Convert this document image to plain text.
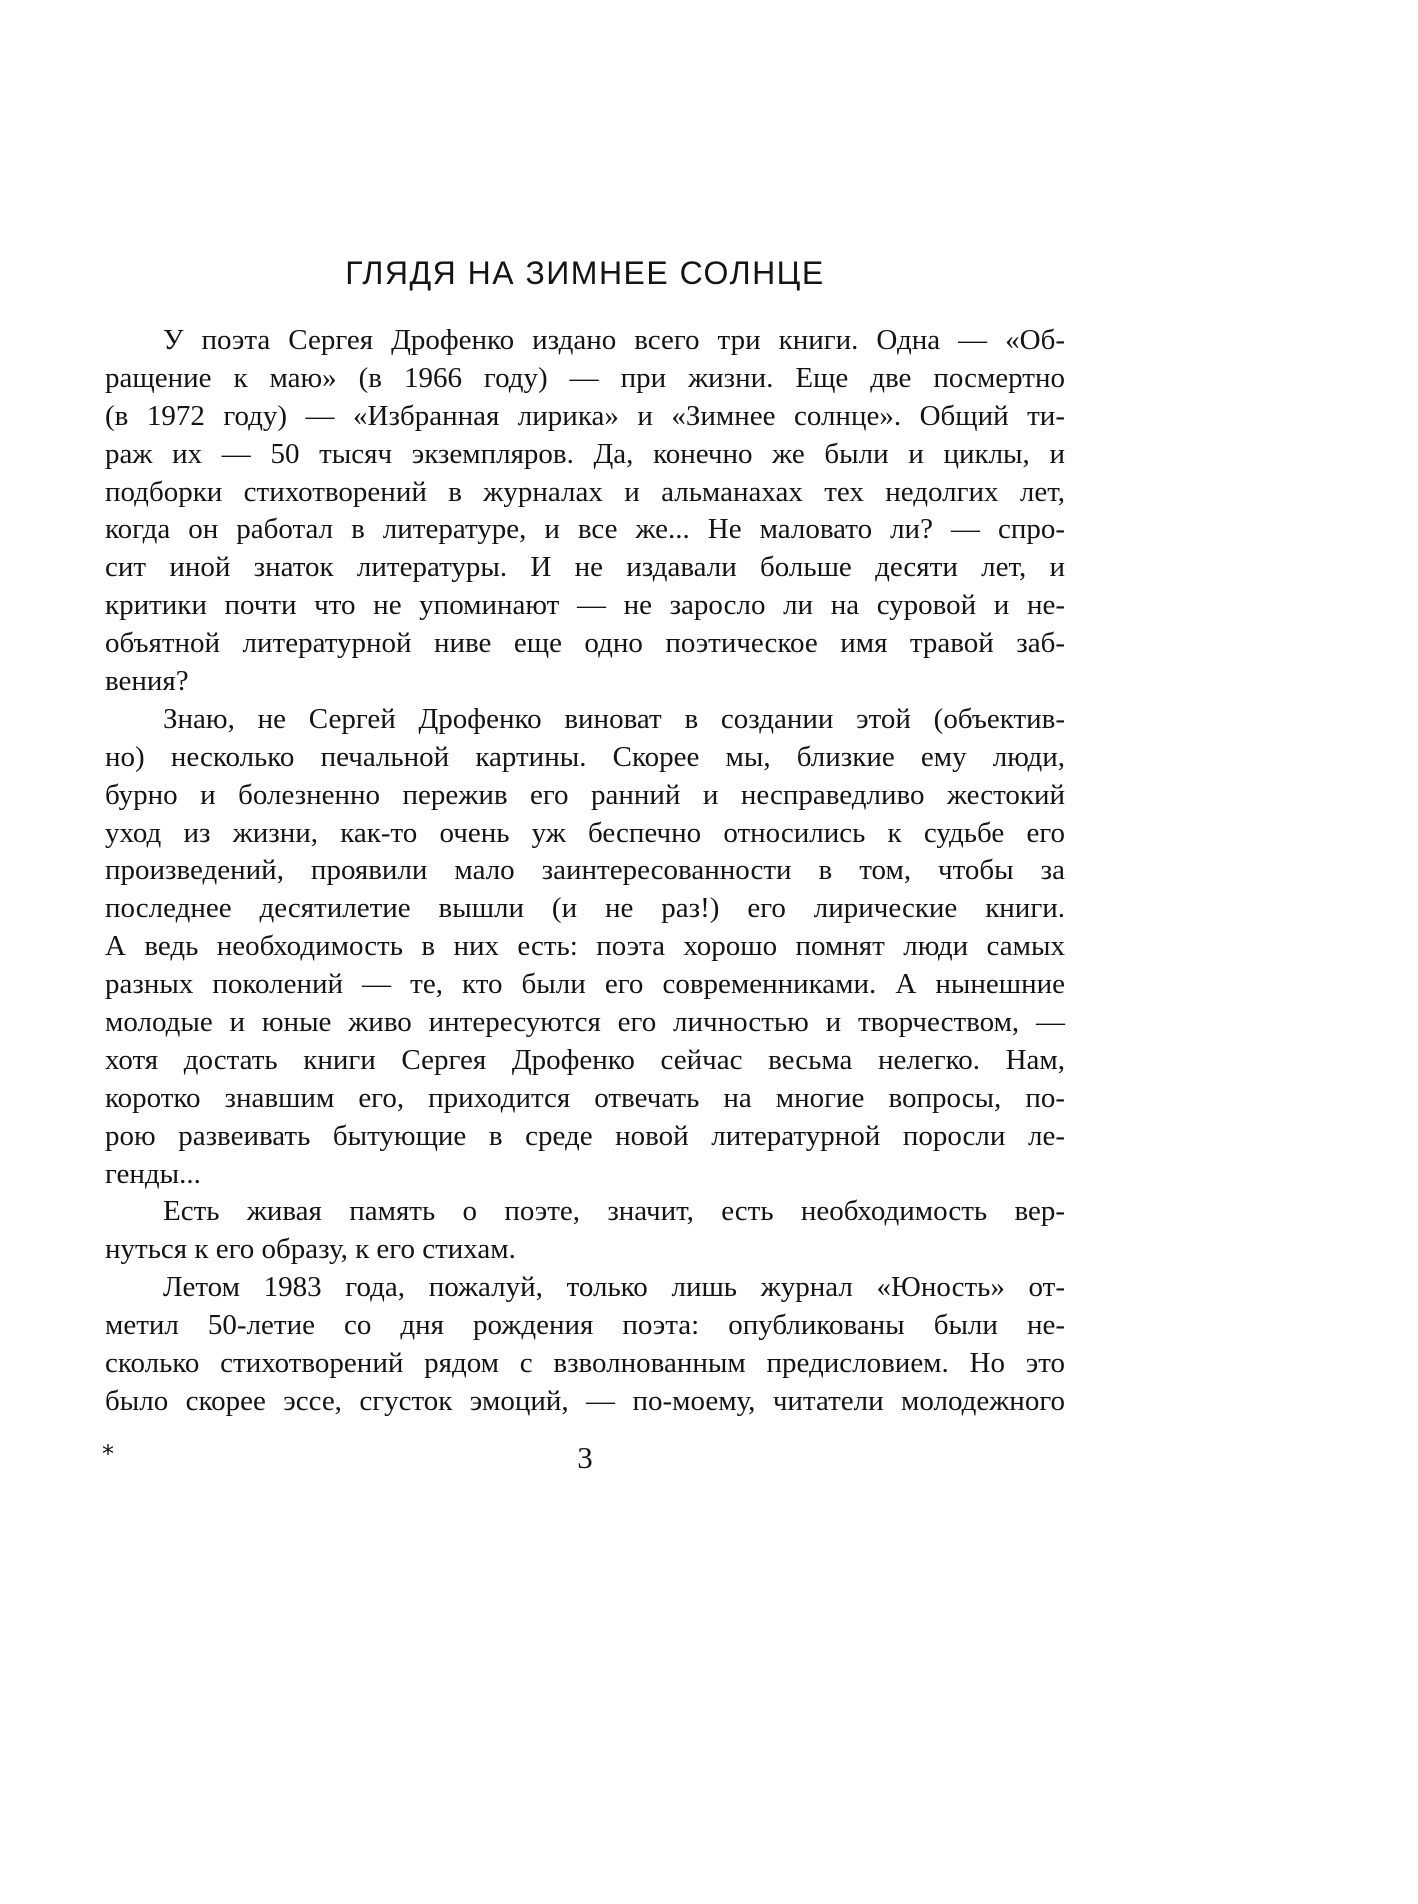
ГЛЯДЯ НА ЗИМНЕЕ СОЛНЦЕ
У поэта Сергея Дрофенко издано всего три книги. Одна — «Об-
ращение к маю» (в 1966 году) — при жизни. Еще две посмертно
(в 1972 году) — «Избранная лирика» и «Зимнее солнце». Общий ти-
раж их — 50 тысяч экземпляров. Да, конечно же были и циклы, и
подборки стихотворений в журналах и альманахах тех недолгих лет,
когда он работал в литературе, и все же... Не маловато ли? — спро-
сит иной знаток литературы. И не издавали больше десяти лет, и
критики почти что не упоминают — не заросло ли на суровой и не-
объятной литературной ниве еще одно поэтическое имя травой заб-
вения?
Знаю, не Сергей Дрофенко виноват в создании этой (объектив-
но) несколько печальной картины. Скорее мы, близкие ему люди,
бурно и болезненно пережив его ранний и несправедливо жестокий
уход из жизни, как-то очень уж беспечно относились к судьбе его
произведений, проявили мало заинтересованности в том, чтобы за
последнее десятилетие вышли (и не раз!) его лирические книги.
А ведь необходимость в них есть: поэта хорошо помнят люди самых
разных поколений — те, кто были его современниками. А нынешние
молодые и юные живо интересуются его личностью и творчеством, —
хотя достать книги Сергея Дрофенко сейчас весьма нелегко. Нам,
коротко знавшим его, приходится отвечать на многие вопросы, по-
рою развеивать бытующие в среде новой литературной поросли ле-
генды...
Есть живая память о поэте, значит, есть необходимость вер-
нуться к его образу, к его стихам.
Летом 1983 года, пожалуй, только лишь журнал «Юность» от-
метил 50-летие со дня рождения поэта: опубликованы были не-
сколько стихотворений рядом с взволнованным предисловием. Но это
было скорее эссе, сгусток эмоций, — по-моему, читатели молодежного
*	3
